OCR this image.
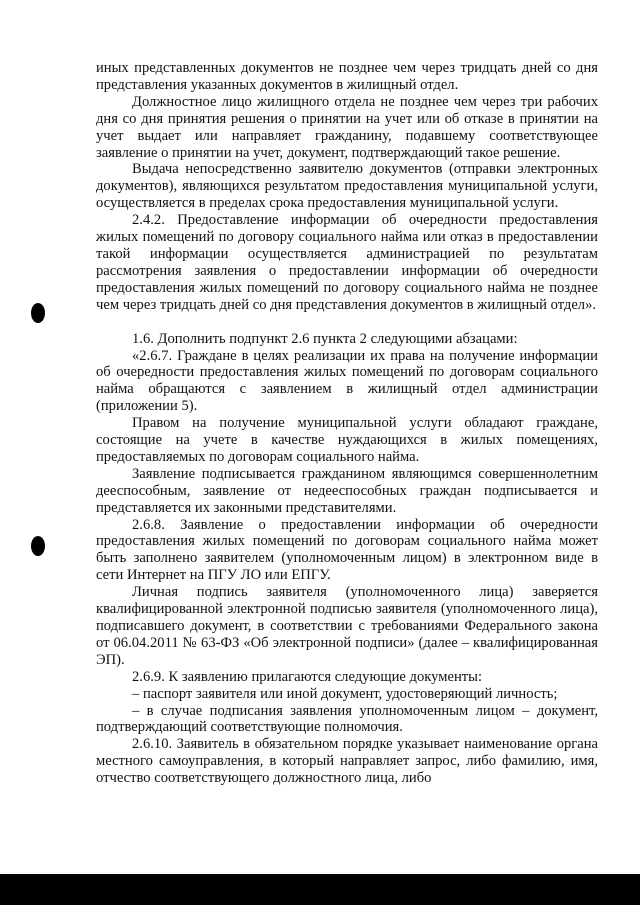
иных представленных документов не позднее чем через тридцать дней со дня представления указанных документов в жилищный отдел.

Должностное лицо жилищного отдела не позднее чем через три рабочих дня со дня принятия решения о принятии на учет или об отказе в принятии на учет выдает или направляет гражданину, подавшему соответствующее заявление о принятии на учет, документ, подтверждающий такое решение.

Выдача непосредственно заявителю документов (отправки электронных документов), являющихся результатом предоставления муниципальной услуги, осуществляется в пределах срока предоставления муниципальной услуги.

2.4.2. Предоставление информации об очередности предоставления жилых помещений по договору социального найма или отказ в предоставлении такой информации осуществляется администрацией по результатам рассмотрения заявления о предоставлении информации об очередности предоставления жилых помещений по договору социального найма не позднее чем через тридцать дней со дня представления документов в жилищный отдел».

1.6. Дополнить подпункт 2.6 пункта 2 следующими абзацами:

«2.6.7. Граждане в целях реализации их права на получение информации об очередности предоставления жилых помещений по договорам социального найма обращаются с заявлением в жилищный отдел администрации (приложении 5).

Правом на получение муниципальной услуги обладают граждане, состоящие на учете в качестве нуждающихся в жилых помещениях, предоставляемых по договорам социального найма.

Заявление подписывается гражданином являющимся совершеннолетним дееспособным, заявление от недееспособных граждан подписывается и представляется их законными представителями.

2.6.8. Заявление о предоставлении информации об очередности предоставления жилых помещений по договорам социального найма может быть заполнено заявителем (уполномоченным лицом) в электронном виде в сети Интернет на ПГУ ЛО или ЕПГУ.

Личная подпись заявителя (уполномоченного лица) заверяется квалифицированной электронной подписью заявителя (уполномоченного лица), подписавшего документ, в соответствии с требованиями Федерального закона от 06.04.2011 № 63-ФЗ «Об электронной подписи» (далее – квалифицированная ЭП).

2.6.9. К заявлению прилагаются следующие документы:

– паспорт заявителя или иной документ, удостоверяющий личность;

– в случае подписания заявления уполномоченным лицом – документ, подтверждающий соответствующие полномочия.

2.6.10. Заявитель в обязательном порядке указывает наименование органа местного самоуправления, в который направляет запрос, либо фамилию, имя, отчество соответствующего должностного лица, либо
